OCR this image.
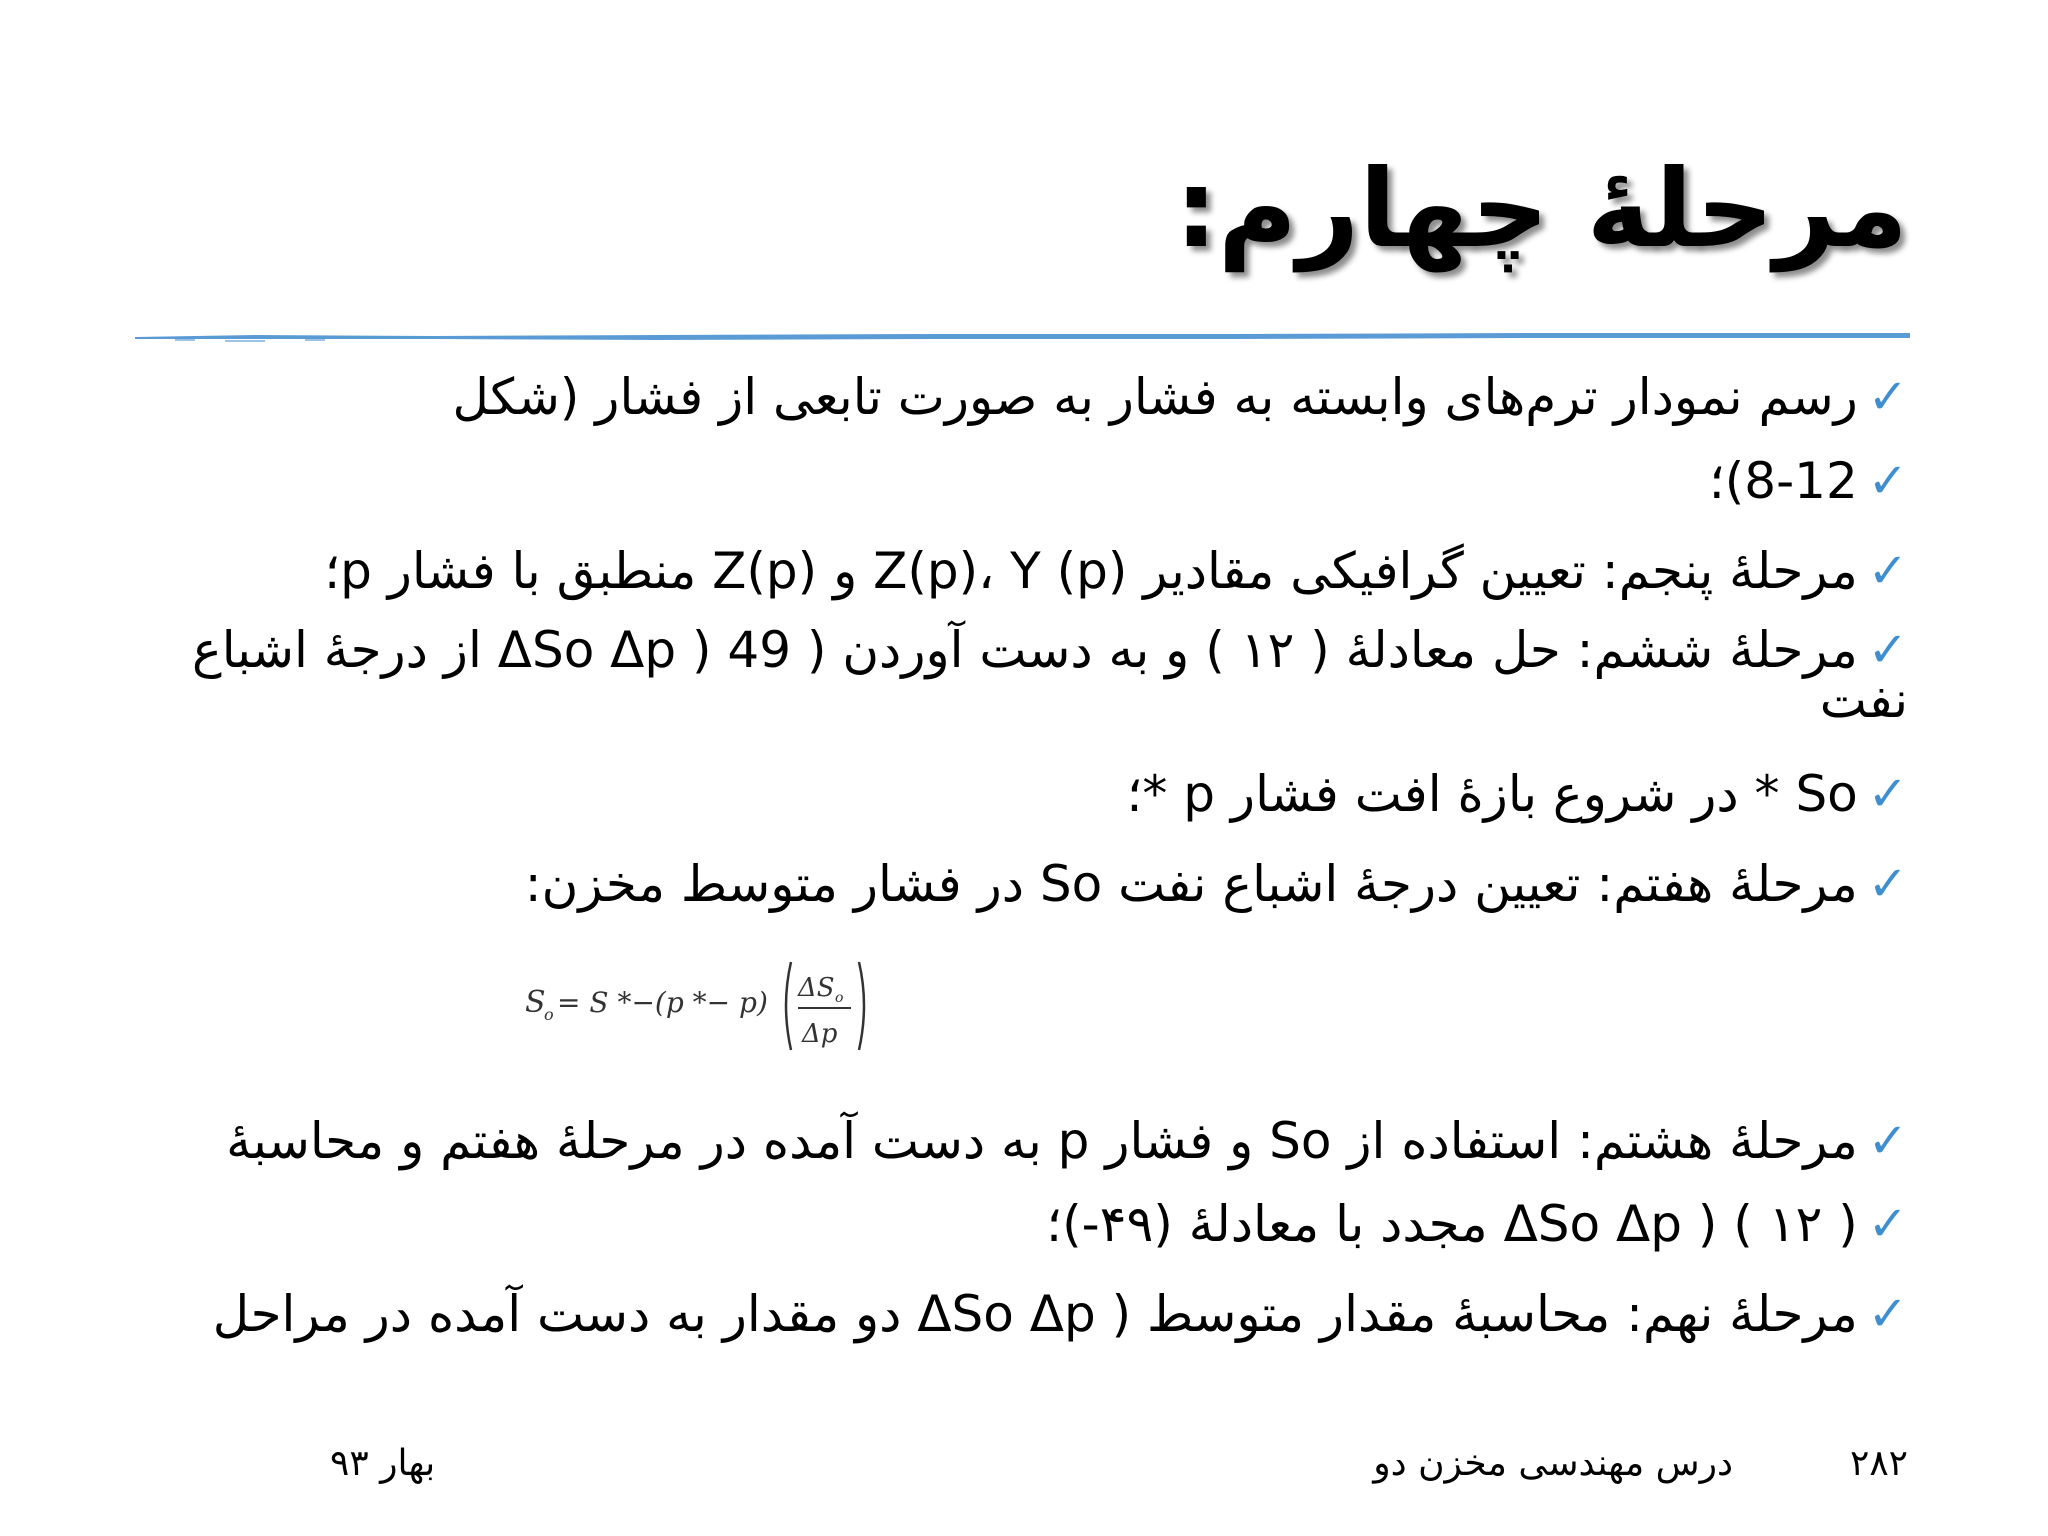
مرحلۀ چهارم:
✓رسم نمودار ترم‌های وابسته به فشار به صورت تابعی از فشار (شکل
✓8-12)؛
✓مرحلۀ پنجم: تعیین گرافیکی مقادیر Z(p)، Y (p) و Z(p) منطبق با فشار p؛
✓مرحلۀ ششم: حل معادلۀ ( ۱۲ ) و به دست آوردن ( 49 ( ΔSo Δp از درجۀ اشباع نفت
✓So * در شروع بازۀ افت فشار p *؛
✓مرحلۀ هفتم: تعیین درجۀ اشباع نفت So در فشار متوسط مخزن:
S
o = S *−(p *− p) ΔS o
Δp
✓مرحلۀ هشتم: استفاده از So و فشار p به دست آمده در مرحلۀ هفتم و محاسبۀ
✓ΔSo Δp ) ( ۱۲ ) مجدد با معادلۀ (۴۹-)؛
✓مرحلۀ نهم: محاسبۀ مقدار متوسط ( ΔSo Δp دو مقدار به دست آمده در مراحل
۲۸۲
درس مهندسی مخزن دو
بهار ۹۳
